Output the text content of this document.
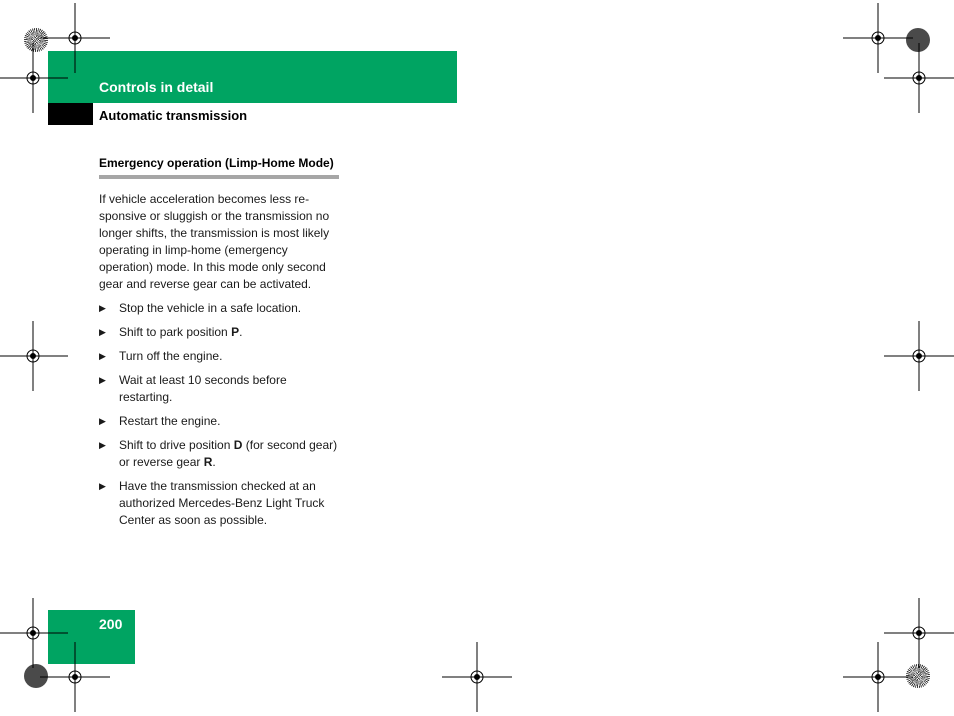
Controls in detail
Automatic transmission
Emergency operation (Limp-Home Mode)
If vehicle acceleration becomes less re-sponsive or sluggish or the transmission no longer shifts, the transmission is most likely operating in limp-home (emergency operation) mode. In this mode only second gear and reverse gear can be activated.
▶ Stop the vehicle in a safe location.
▶ Shift to park position P.
▶ Turn off the engine.
▶ Wait at least 10 seconds before restarting.
▶ Restart the engine.
▶ Shift to drive position D (for second gear) or reverse gear R.
▶ Have the transmission checked at an authorized Mercedes-Benz Light Truck Center as soon as possible.
200
